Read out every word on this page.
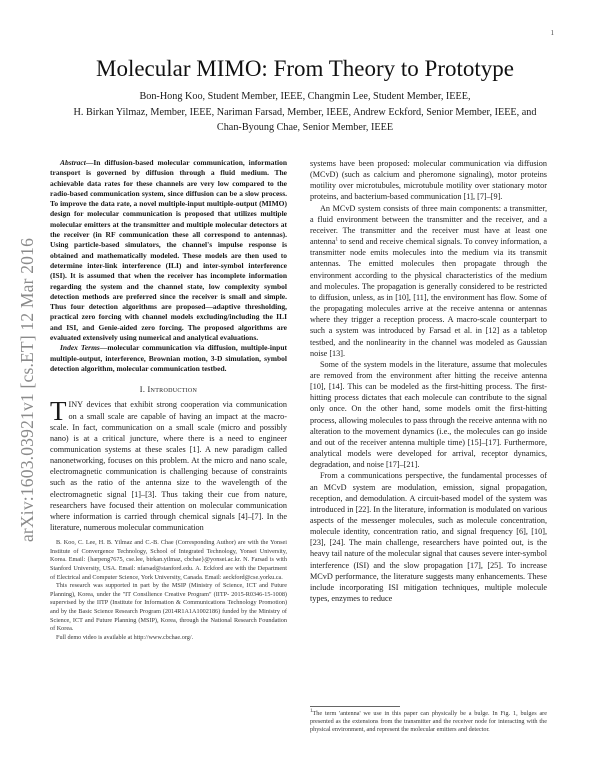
1
arXiv:1603.03921v1 [cs.ET] 12 Mar 2016
Molecular MIMO: From Theory to Prototype
Bon-Hong Koo, Student Member, IEEE, Changmin Lee, Student Member, IEEE,
H. Birkan Yilmaz, Member, IEEE, Nariman Farsad, Member, IEEE, Andrew Eckford, Senior Member, IEEE, and
Chan-Byoung Chae, Senior Member, IEEE

Abstract—In diffusion-based molecular communication, information transport is governed by diffusion through a fluid medium. The achievable data rates for these channels are very low compared to the radio-based communication system, since diffusion can be a slow process. To improve the data rate, a novel multiple-input multiple-output (MIMO) design for molecular communication is proposed that utilizes multiple molecular emitters at the transmitter and multiple molecular detectors at the receiver (in RF communication these all correspond to antennas). Using particle-based simulators, the channel's impulse response is obtained and mathematically modeled. These models are then used to determine inter-link interference (ILI) and inter-symbol interference (ISI). It is assumed that when the receiver has incomplete information regarding the system and the channel state, low complexity symbol detection methods are preferred since the receiver is small and simple. Thus four detection algorithms are proposed—adaptive thresholding, practical zero forcing with channel models excluding/including the ILI and ISI, and Genie-aided zero forcing. The proposed algorithms are evaluated extensively using numerical and analytical evaluations.

Index Terms—molecular communication via diffusion, multiple-input multiple-output, interference, Brownian motion, 3-D simulation, symbol detection algorithm, molecular communication testbed.

I. Introduction

TINY devices that exhibit strong cooperation via communication on a small scale are capable of having an impact at the macro-scale. In fact, communication on a small scale (micro and possibly nano) is at a critical juncture, where there is a need to engineer communication systems at these scales [1]. A new paradigm called nanonetworking, focuses on this problem. At the micro and nano scale, electromagnetic communication is challenging because of constraints such as the ratio of the antenna size to the wavelength of the electromagnetic signal [1]–[3]. Thus taking their cue from nature, researchers have focused their attention on molecular communication where information is carried through chemical signals [4]–[7]. In the literature, numerous molecular communication

B. Koo, C. Lee, H. B. Yilmaz and C.-B. Chae (Corresponding Author) are with the Yonsei Institute of Convergence Technology, School of Integrated Technology, Yonsei University, Korea. Email: {harpeng7675, cse.lee, birkan.yilmaz, cbchae}@yonsei.ac.kr. N. Farsad is with Stanford University, USA. Email: nfarsad@stanford.edu. A. Eckford are with the Department of Electrical and Computer Science, York University, Canada. Email: aeckford@cse.yorku.ca.

This research was supported in part by the MSIP (Ministry of Science, ICT and Future Planning), Korea, under the "IT Consilience Creative Program" (IITP- 2015-R0346-15-1008) supervised by the IITP (Institute for Information & Communications Technology Promotion) and by the Basic Science Research Program (2014R1A1A1002186) funded by the Ministry of Science, ICT and Future Planning (MSIP), Korea, through the National Research Foundation of Korea.

Full demo video is available at http://www.cbchae.org/.

systems have been proposed: molecular communication via diffusion (MCvD) (such as calcium and pheromone signaling), motor proteins motility over microtubules, microtubule motility over stationary motor proteins, and bacterium-based communication [1], [7]–[9].

An MCvD system consists of three main components: a transmitter, a fluid environment between the transmitter and the receiver, and a receiver. The transmitter and the receiver must have at least one antenna$^1$ to send and receive chemical signals. To convey information, a transmitter node emits molecules into the medium via its transmit antennas. The emitted molecules then propagate through the environment according to the physical characteristics of the medium and molecules. The propagation is generally considered to be restricted to diffusion, unless, as in [10], [11], the environment has flow. Some of the propagating molecules arrive at the receive antenna or antennas where they trigger a reception process. A macro-scale counterpart to such a system was introduced by Farsad et al. in [12] as a tabletop testbed, and the nonlinearity in the channel was modeled as Gaussian noise [13].

Some of the system models in the literature, assume that molecules are removed from the environment after hitting the receive antenna [10], [14]. This can be modeled as the first-hitting process. The first-hitting process dictates that each molecule can contribute to the signal only once. On the other hand, some models omit the first-hitting process, allowing molecules to pass through the receive antenna with no alteration to the movement dynamics (i.e., the molecules can go inside and out of the receiver antenna multiple time) [15]–[17]. Furthermore, analytical models were developed for arrival, receptor dynamics, degradation, and noise [17]–[21].

From a communications perspective, the fundamental processes of an MCvD system are modulation, emission, signal propagation, reception, and demodulation. A circuit-based model of the system was introduced in [22]. In the literature, information is modulated on various aspects of the messenger molecules, such as molecule concentration, molecule identity, concentration ratio, and signal frequency [6], [10], [23], [24]. The main challenge, researchers have pointed out, is the heavy tail nature of the molecular signal that causes severe inter-symbol interference (ISI) and the slow propagation [17], [25]. To increase MCvD performance, the literature suggests many enhancements. These include incorporating ISI mitigation techniques, multiple molecule types, enzymes to reduce

$^1$The term 'antenna' we use in this paper can physically be a bulge. In Fig. 1, bulges are presented as the extensions from the transmitter and the receiver node for interacting with the physical environment, and represent the molecular emitters and detector.
